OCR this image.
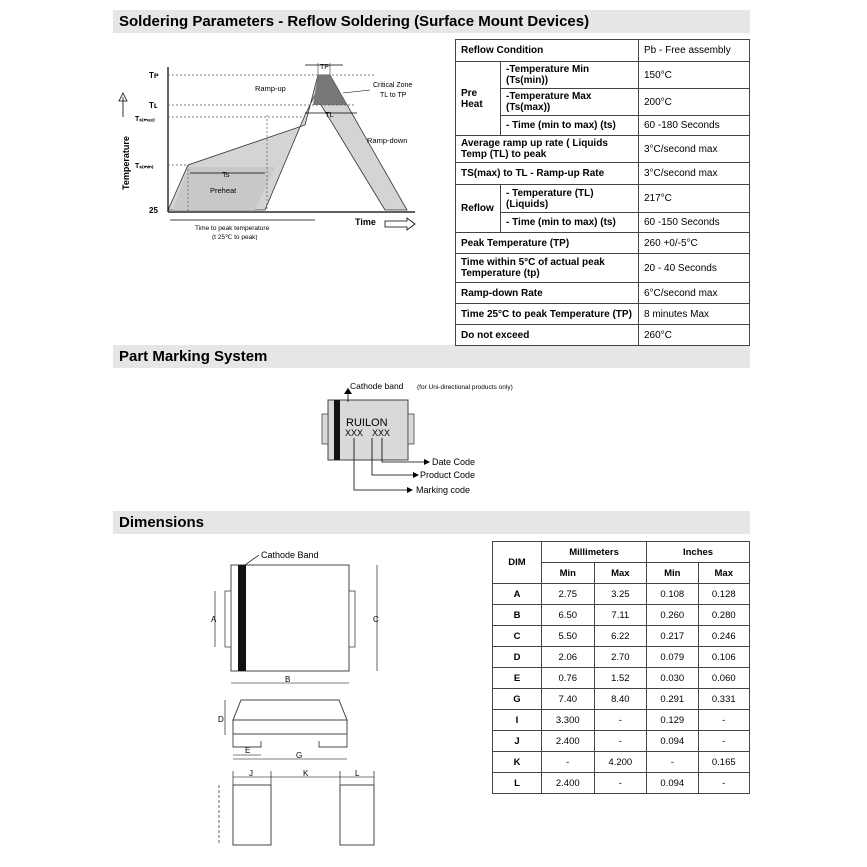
Soldering Parameters - Reflow Soldering (Surface Mount Devices)
Part Marking System
Dimensions
Tᴘ
Tʟ
Tₛ₍ₘₐₓ₎
Tₛ₍ₘᵢₙ₎
25
Temperature
Time
Ramp-up
Ramp-down
Preheat
Ts
TL
TP
Critical Zone
TL to TP
Time to peak temperature
(t 25℃ to peak)
Reflow Condition		Pb - Free assembly
Pre Heat	-Temperature Min (Ts(min))	150°C
	-Temperature Max (Ts(max))	200°C
	- Time (min to max) (ts)	60 -180 Seconds
Average ramp up rate ( Liquids Temp (TL) to peak		3°C/second max
TS(max) to TL - Ramp-up Rate		3°C/second max
Reflow	- Temperature (TL) (Liquids)	217°C
	- Time (min to max) (ts)	60 -150 Seconds
Peak Temperature (TP)		260 +0/-5°C
Time within 5°C of actual peak Temperature (tp)		20 - 40 Seconds
Ramp-down Rate		6°C/second max
Time 25°C to peak Temperature (TP)		8 minutes Max
Do not exceed		260°C
Cathode band (for Uni-directional products only)
RUILON
XXX XXX
Date Code
Product Code
Marking code
Cathode Band
A	C
B
D
E
G
J	K	L
DIM	Millimeters		Inches	
	Min	Max	Min	Max
A	2.75	3.25	0.108	0.128
B	6.50	7.11	0.260	0.280
C	5.50	6.22	0.217	0.246
D	2.06	2.70	0.079	0.106
E	0.76	1.52	0.030	0.060
G	7.40	8.40	0.291	0.331
I	3.300	-	0.129	-
J	2.400	-	0.094	-
K	-	4.200	-	0.165
L	2.400	-	0.094	-
